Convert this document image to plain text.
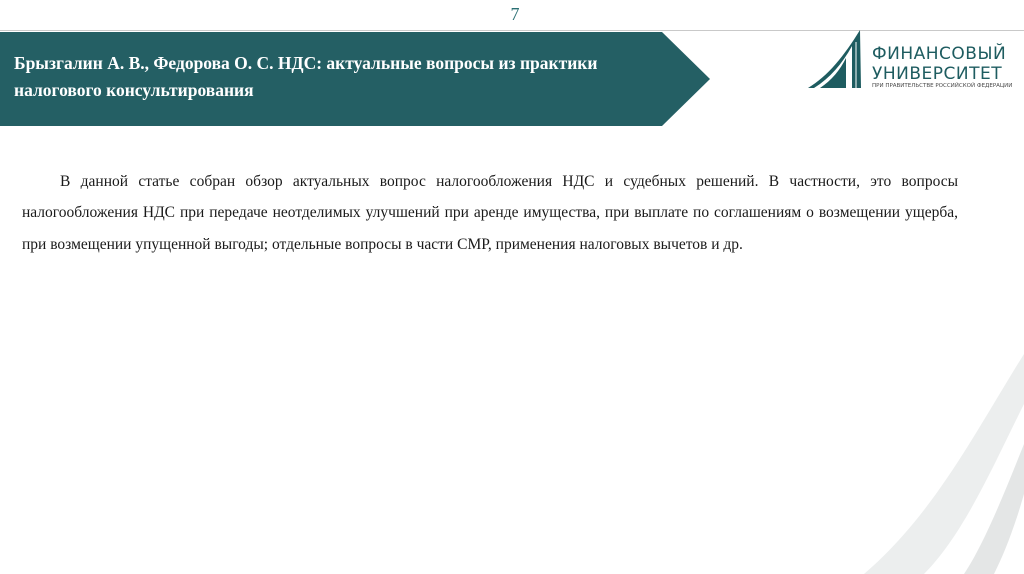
7
Брызгалин А. В., Федорова О. С. НДС: актуальные вопросы из практики налогового консультирования
ФИНАНСОВЫЙ
УНИВЕРСИТЕТ
ПРИ ПРАВИТЕЛЬСТВЕ РОССИЙСКОЙ ФЕДЕРАЦИИ

В данной статье собран обзор актуальных вопрос налогообложения НДС и судебных решений. В частности, это вопросы налогообложения НДС при передаче неотделимых улучшений при аренде имущества, при выплате по соглашениям о возмещении ущерба, при возмещении упущенной выгоды; отдельные вопросы в части СМР, применения налоговых вычетов и др.
